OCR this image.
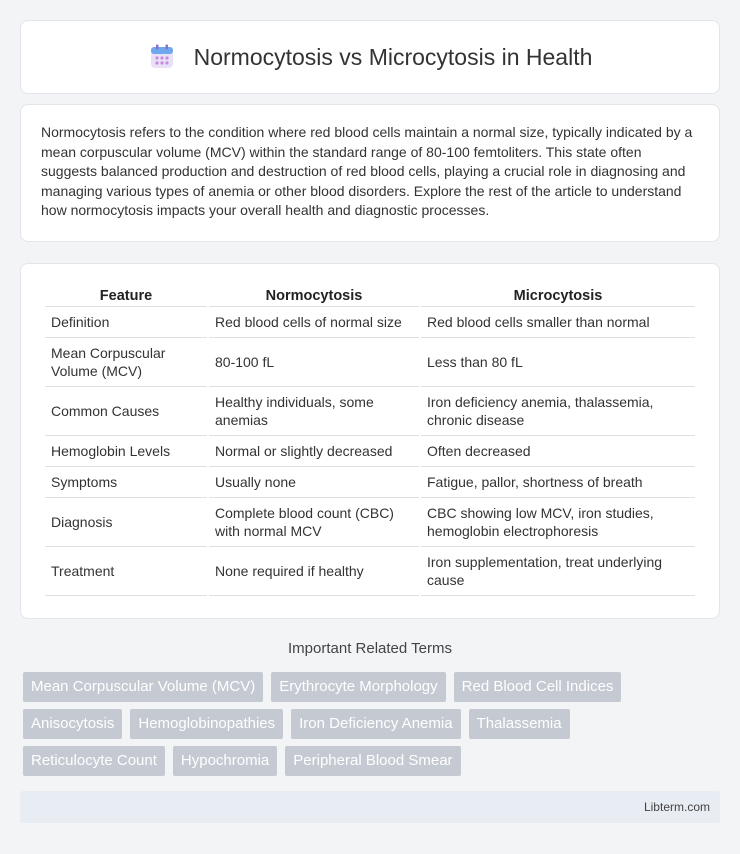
Normocytosis vs Microcytosis in Health

Normocytosis refers to the condition where red blood cells maintain a normal size, typically indicated by a mean corpuscular volume (MCV) within the standard range of 80-100 femtoliters. This state often suggests balanced production and destruction of red blood cells, playing a crucial role in diagnosing and managing various types of anemia or other blood disorders. Explore the rest of the article to understand how normocytosis impacts your overall health and diagnostic processes.

Feature	Normocytosis	Microcytosis
Definition	Red blood cells of normal size	Red blood cells smaller than normal
Mean Corpuscular Volume (MCV)	80-100 fL	Less than 80 fL
Common Causes	Healthy individuals, some anemias	Iron deficiency anemia, thalassemia, chronic disease
Hemoglobin Levels	Normal or slightly decreased	Often decreased
Symptoms	Usually none	Fatigue, pallor, shortness of breath
Diagnosis	Complete blood count (CBC) with normal MCV	CBC showing low MCV, iron studies, hemoglobin electrophoresis
Treatment	None required if healthy	Iron supplementation, treat underlying cause
Important Related Terms
Mean Corpuscular Volume (MCV)	Erythrocyte Morphology	Red Blood Cell Indices
Anisocytosis	Hemoglobinopathies	Iron Deficiency Anemia	Thalassemia
Reticulocyte Count	Hypochromia	Peripheral Blood Smear
Libterm.com
